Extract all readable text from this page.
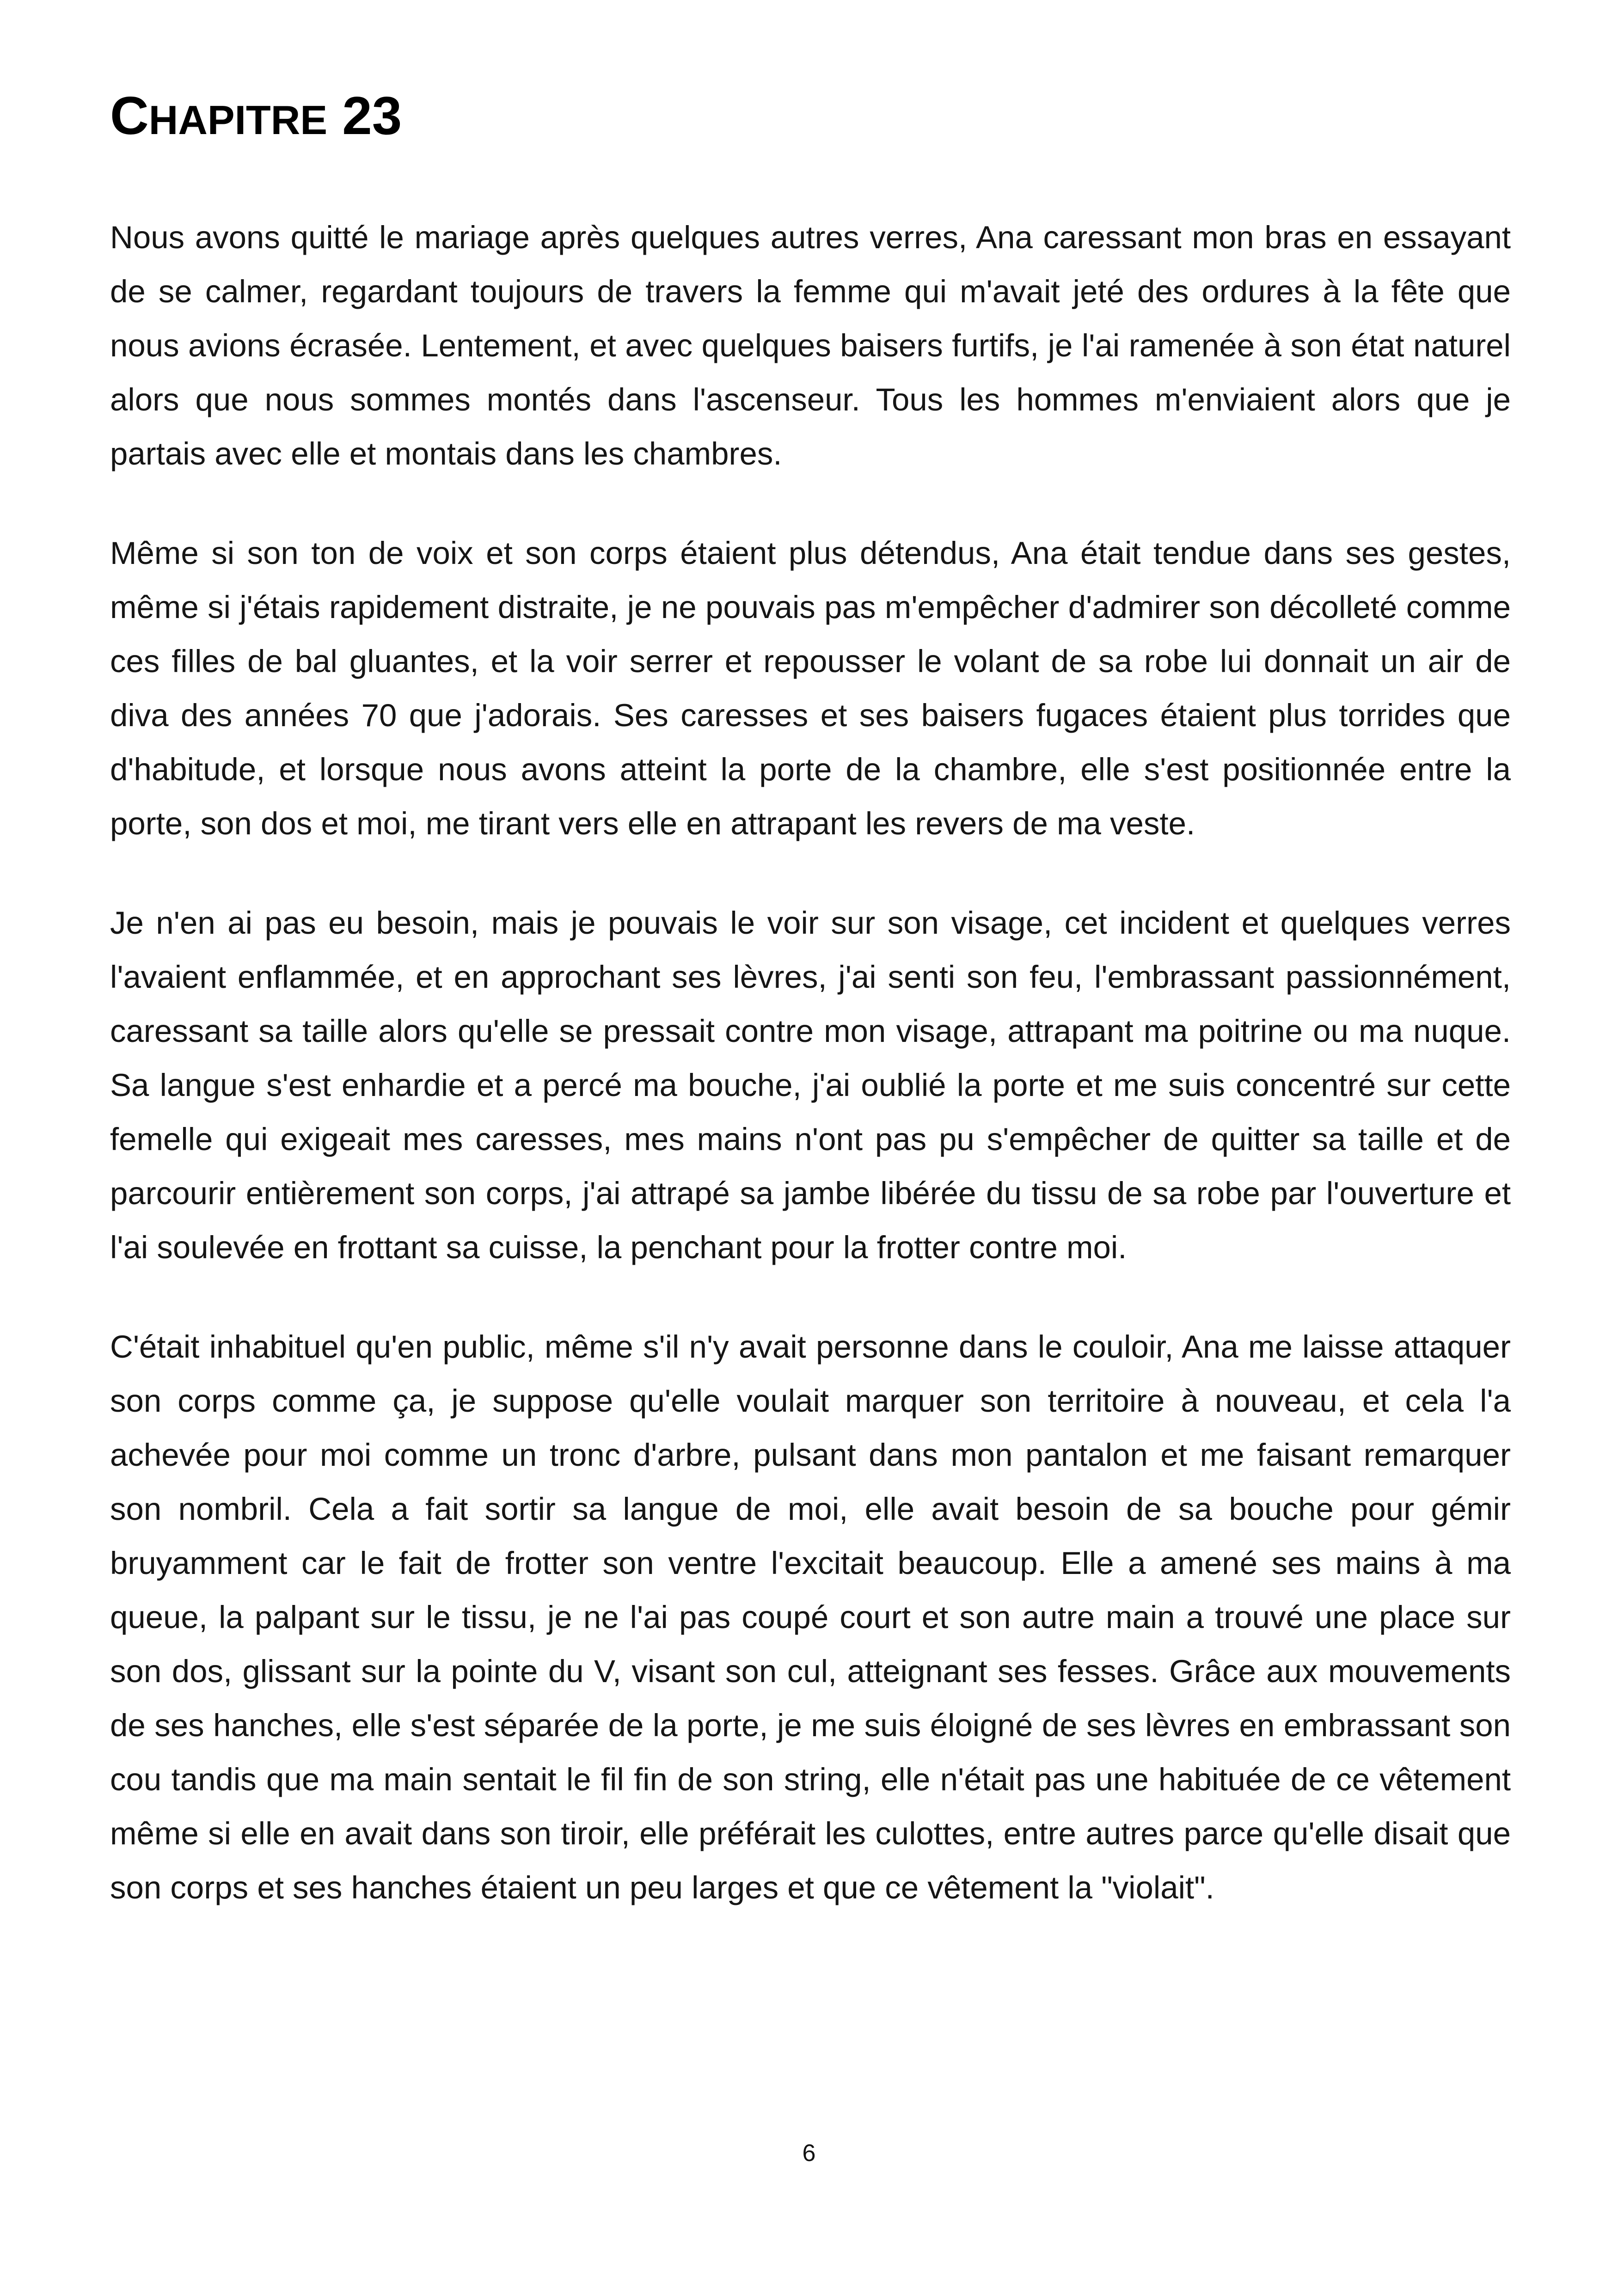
CHAPITRE 23

Nous avons quitté le mariage après quelques autres verres, Ana caressant mon bras en essayant de se calmer, regardant toujours de travers la femme qui m'avait jeté des ordures à la fête que nous avions écrasée. Lentement, et avec quelques baisers furtifs, je l'ai ramenée à son état naturel alors que nous sommes montés dans l'ascenseur. Tous les hommes m'enviaient alors que je partais avec elle et montais dans les chambres.

Même si son ton de voix et son corps étaient plus détendus, Ana était tendue dans ses gestes, même si j'étais rapidement distraite, je ne pouvais pas m'empêcher d'admirer son décolleté comme ces filles de bal gluantes, et la voir serrer et repousser le volant de sa robe lui donnait un air de diva des années 70 que j'adorais. Ses caresses et ses baisers fugaces étaient plus torrides que d'habitude, et lorsque nous avons atteint la porte de la chambre, elle s'est positionnée entre la porte, son dos et moi, me tirant vers elle en attrapant les revers de ma veste.

Je n'en ai pas eu besoin, mais je pouvais le voir sur son visage, cet incident et quelques verres l'avaient enflammée, et en approchant ses lèvres, j'ai senti son feu, l'embrassant passionnément, caressant sa taille alors qu'elle se pressait contre mon visage, attrapant ma poitrine ou ma nuque. Sa langue s'est enhardie et a percé ma bouche, j'ai oublié la porte et me suis concentré sur cette femelle qui exigeait mes caresses, mes mains n'ont pas pu s'empêcher de quitter sa taille et de parcourir entièrement son corps, j'ai attrapé sa jambe libérée du tissu de sa robe par l'ouverture et l'ai soulevée en frottant sa cuisse, la penchant pour la frotter contre moi.

C'était inhabituel qu'en public, même s'il n'y avait personne dans le couloir, Ana me laisse attaquer son corps comme ça, je suppose qu'elle voulait marquer son territoire à nouveau, et cela l'a achevée pour moi comme un tronc d'arbre, pulsant dans mon pantalon et me faisant remarquer son nombril. Cela a fait sortir sa langue de moi, elle avait besoin de sa bouche pour gémir bruyamment car le fait de frotter son ventre l'excitait beaucoup. Elle a amené ses mains à ma queue, la palpant sur le tissu, je ne l'ai pas coupé court et son autre main a trouvé une place sur son dos, glissant sur la pointe du V, visant son cul, atteignant ses fesses. Grâce aux mouvements de ses hanches, elle s'est séparée de la porte, je me suis éloigné de ses lèvres en embrassant son cou tandis que ma main sentait le fil fin de son string, elle n'était pas une habituée de ce vêtement même si elle en avait dans son tiroir, elle préférait les culottes, entre autres parce qu'elle disait que son corps et ses hanches étaient un peu larges et que ce vêtement la "violait".

6
